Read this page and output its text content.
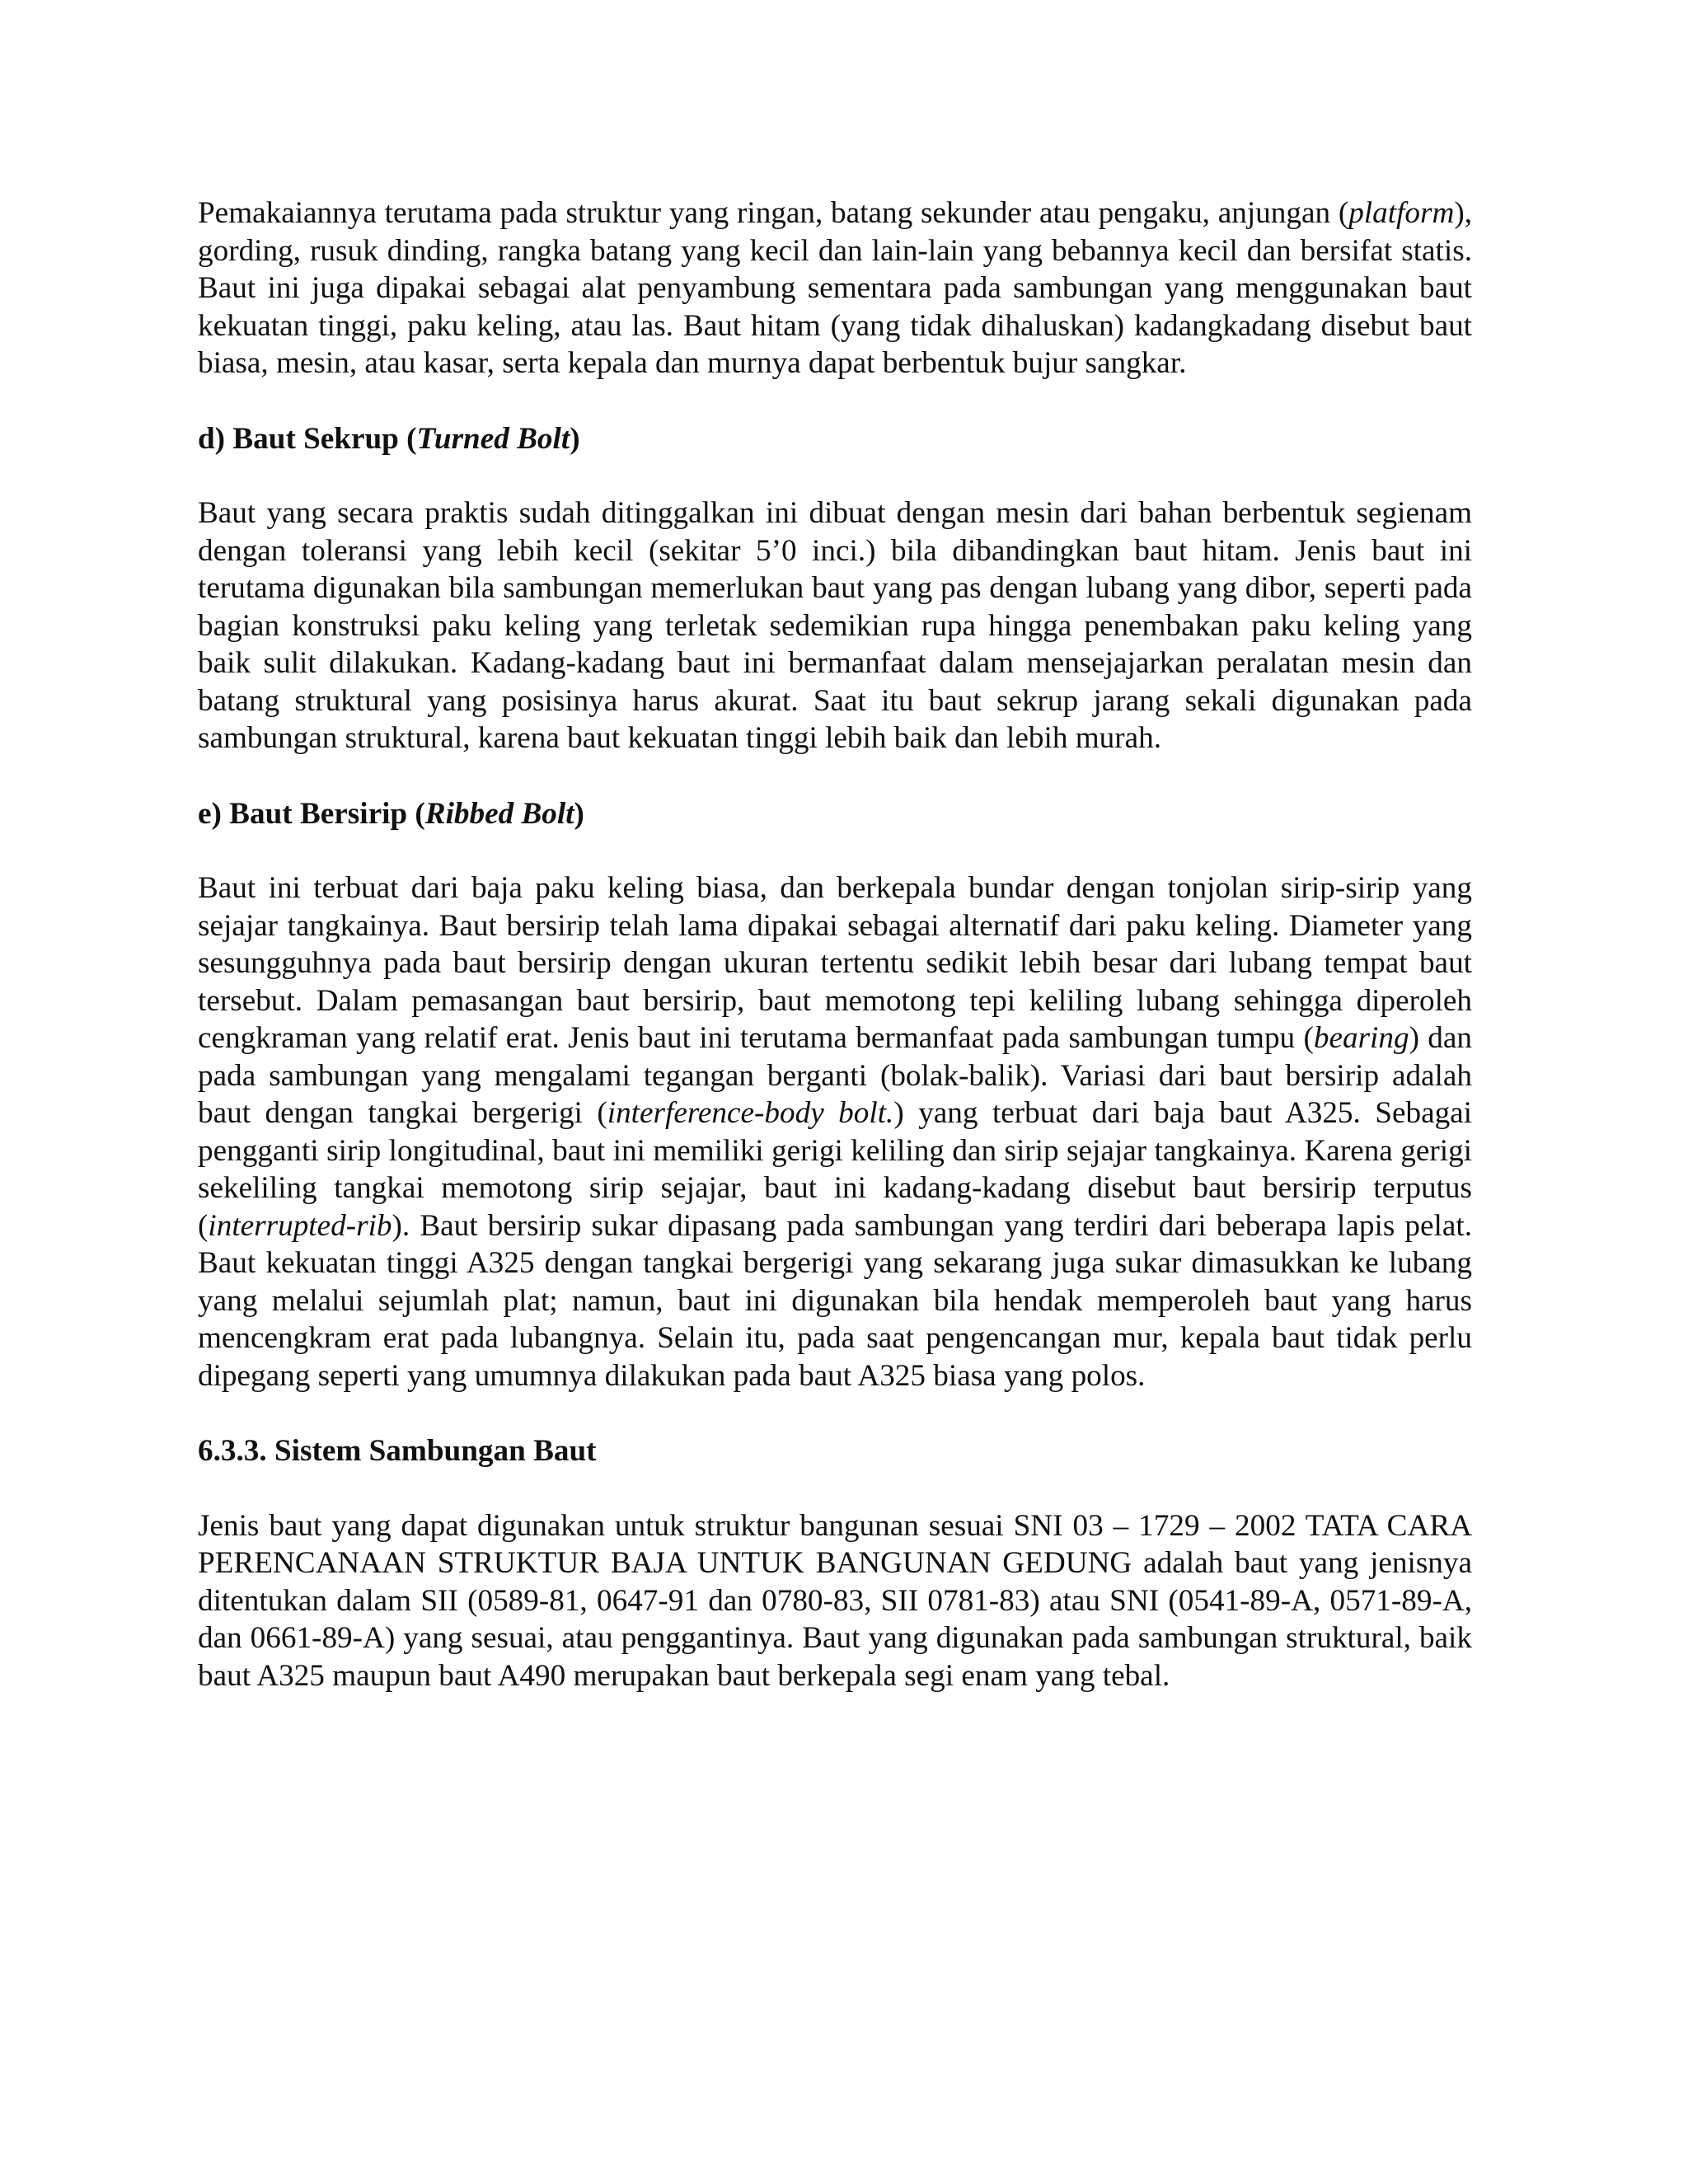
Pemakaiannya terutama pada struktur yang ringan, batang sekunder atau pengaku, anjungan (platform), gording, rusuk dinding, rangka batang yang kecil dan lain-lain yang bebannya kecil dan bersifat statis. Baut ini juga dipakai sebagai alat penyambung sementara pada sambungan yang menggunakan baut kekuatan tinggi, paku keling, atau las. Baut hitam (yang tidak dihaluskan) kadangkadang disebut baut biasa, mesin, atau kasar, serta kepala dan murnya dapat berbentuk bujur sangkar.

d) Baut Sekrup (Turned Bolt)

Baut yang secara praktis sudah ditinggalkan ini dibuat dengan mesin dari bahan berbentuk segienam dengan toleransi yang lebih kecil (sekitar 5’0 inci.) bila dibandingkan baut hitam. Jenis baut ini terutama digunakan bila sambungan memerlukan baut yang pas dengan lubang yang dibor, seperti pada bagian konstruksi paku keling yang terletak sedemikian rupa hingga penembakan paku keling yang baik sulit dilakukan. Kadang-kadang baut ini bermanfaat dalam mensejajarkan peralatan mesin dan batang struktural yang posisinya harus akurat. Saat itu baut sekrup jarang sekali digunakan pada sambungan struktural, karena baut kekuatan tinggi lebih baik dan lebih murah.

e) Baut Bersirip (Ribbed Bolt)

Baut ini terbuat dari baja paku keling biasa, dan berkepala bundar dengan tonjolan sirip-sirip yang sejajar tangkainya. Baut bersirip telah lama dipakai sebagai alternatif dari paku keling. Diameter yang sesungguhnya pada baut bersirip dengan ukuran tertentu sedikit lebih besar dari lubang tempat baut tersebut. Dalam pemasangan baut bersirip, baut memotong tepi keliling lubang sehingga diperoleh cengkraman yang relatif erat. Jenis baut ini terutama bermanfaat pada sambungan tumpu (bearing) dan pada sambungan yang mengalami tegangan berganti (bolak-balik). Variasi dari baut bersirip adalah baut dengan tangkai bergerigi (interference-body bolt.) yang terbuat dari baja baut A325. Sebagai pengganti sirip longitudinal, baut ini memiliki gerigi keliling dan sirip sejajar tangkainya. Karena gerigi sekeliling tangkai memotong sirip sejajar, baut ini kadang-kadang disebut baut bersirip terputus (interrupted-rib). Baut bersirip sukar dipasang pada sambungan yang terdiri dari beberapa lapis pelat. Baut kekuatan tinggi A325 dengan tangkai bergerigi yang sekarang juga sukar dimasukkan ke lubang yang melalui sejumlah plat; namun, baut ini digunakan bila hendak memperoleh baut yang harus mencengkram erat pada lubangnya. Selain itu, pada saat pengencangan mur, kepala baut tidak perlu dipegang seperti yang umumnya dilakukan pada baut A325 biasa yang polos.

6.3.3. Sistem Sambungan Baut

Jenis baut yang dapat digunakan untuk struktur bangunan sesuai SNI 03 – 1729 – 2002 TATA CARA PERENCANAAN STRUKTUR BAJA UNTUK BANGUNAN GEDUNG adalah baut yang jenisnya ditentukan dalam SII (0589-81, 0647-91 dan 0780-83, SII 0781-83) atau SNI (0541-89-A, 0571-89-A, dan 0661-89-A) yang sesuai, atau penggantinya. Baut yang digunakan pada sambungan struktural, baik baut A325 maupun baut A490 merupakan baut berkepala segi enam yang tebal.
